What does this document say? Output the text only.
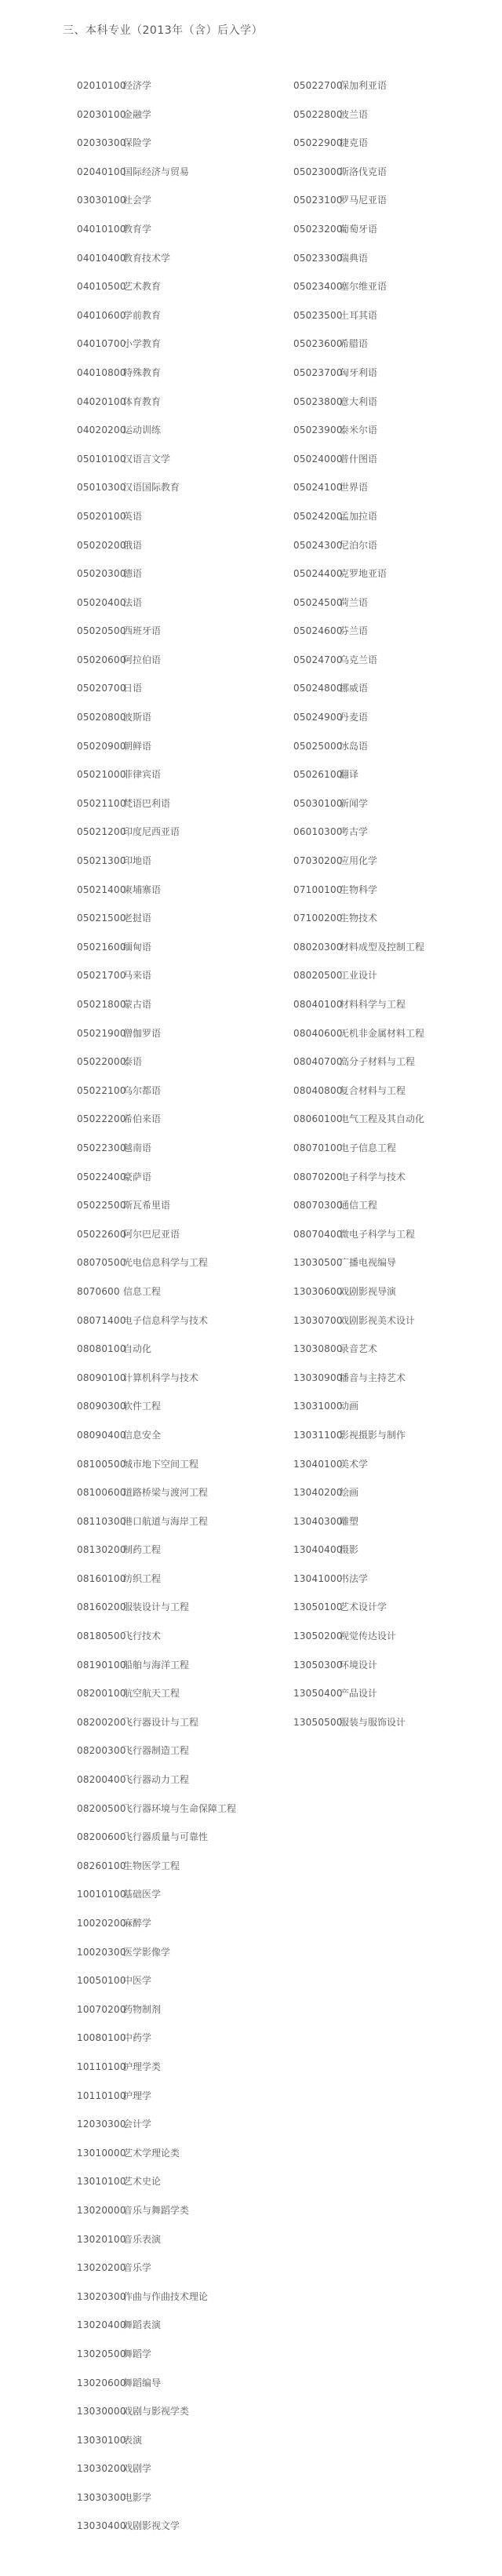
三、本科专业（2013年（含）后入学）
02010100经济学
02030100金融学
02030300保险学
02040100国际经济与贸易
03030100社会学
04010100教育学
04010400教育技术学
04010500艺术教育
04010600学前教育
04010700小学教育
04010800特殊教育
04020100体育教育
04020200运动训练
05010100汉语言文学
05010300汉语国际教育
05020100英语
05020200俄语
05020300德语
05020400法语
05020500西班牙语
05020600阿拉伯语
05020700日语
05020800波斯语
05020900朝鲜语
05021000菲律宾语
05021100梵语巴利语
05021200印度尼西亚语
05021300印地语
05021400柬埔寨语
05021500老挝语
05021600缅甸语
05021700马来语
05021800蒙古语
05021900僧伽罗语
05022000泰语
05022100乌尔都语
05022200希伯来语
05022300越南语
05022400豪萨语
05022500斯瓦希里语
05022600阿尔巴尼亚语
08070500光电信息科学与工程
8070600 信息工程
08071400电子信息科学与技术
08080100自动化
08090100计算机科学与技术
08090300软件工程
08090400信息安全
08100500城市地下空间工程
08100600道路桥梁与渡河工程
08110300港口航道与海岸工程
08130200制药工程
08160100纺织工程
08160200服装设计与工程
08180500飞行技术
08190100船舶与海洋工程
08200100航空航天工程
08200200飞行器设计与工程
08200300飞行器制造工程
08200400飞行器动力工程
08200500飞行器环境与生命保障工程
08200600飞行器质量与可靠性
08260100生物医学工程
10010100基础医学
10020200麻醉学
10020300医学影像学
10050100中医学
10070200药物制剂
10080100中药学
10110100护理学类
10110100护理学
12030300会计学
13010000艺术学理论类
13010100艺术史论
13020000音乐与舞蹈学类
13020100音乐表演
13020200音乐学
13020300作曲与作曲技术理论
13020400舞蹈表演
13020500舞蹈学
13020600舞蹈编导
13030000戏剧与影视学类
13030100表演
13030200戏剧学
13030300电影学
13030400戏剧影视文学
05022700保加利亚语
05022800波兰语
05022900捷克语
05023000斯洛伐克语
05023100罗马尼亚语
05023200葡萄牙语
05023300瑞典语
05023400塞尔维亚语
05023500土耳其语
05023600希腊语
05023700匈牙利语
05023800意大利语
05023900泰米尔语
05024000普什图语
05024100世界语
05024200孟加拉语
05024300尼泊尔语
05024400克罗地亚语
05024500荷兰语
05024600芬兰语
05024700乌克兰语
05024800挪威语
05024900丹麦语
05025000冰岛语
05026100翻译
05030100新闻学
06010300考古学
07030200应用化学
07100100生物科学
07100200生物技术
08020300材料成型及控制工程
08020500工业设计
08040100材料科学与工程
08040600无机非金属材料工程
08040700高分子材料与工程
08040800复合材料与工程
08060100电气工程及其自动化
08070100电子信息工程
08070200电子科学与技术
08070300通信工程
08070400微电子科学与工程
13030500广播电视编导
13030600戏剧影视导演
13030700戏剧影视美术设计
13030800录音艺术
13030900播音与主持艺术
13031000动画
13031100影视摄影与制作
13040100美术学
13040200绘画
13040300雕塑
13040400摄影
13041000书法学
13050100艺术设计学
13050200视觉传达设计
13050300环境设计
13050400产品设计
13050500服装与服饰设计
